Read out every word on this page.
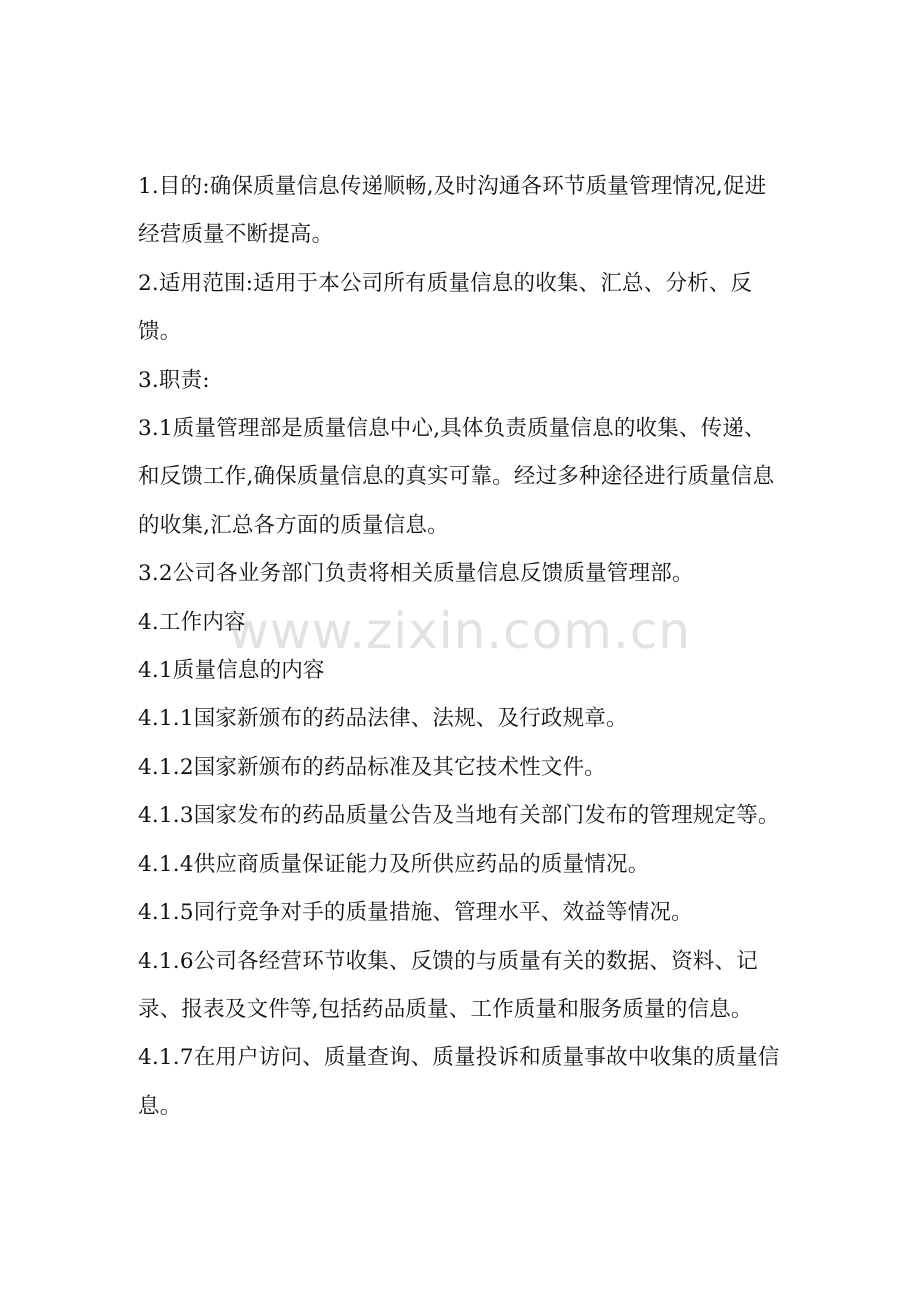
1.目的:确保质量信息传递顺畅,及时沟通各环节质量管理情况,促进经营质量不断提高。

2.适用范围:适用于本公司所有质量信息的收集、汇总、分析、反馈。

3.职责:

3.1质量管理部是质量信息中心,具体负责质量信息的收集、传递、和反馈工作,确保质量信息的真实可靠。经过多种途径进行质量信息的收集,汇总各方面的质量信息。

3.2公司各业务部门负责将相关质量信息反馈质量管理部。

4.工作内容

4.1质量信息的内容

4.1.1国家新颁布的药品法律、法规、及行政规章。

4.1.2国家新颁布的药品标准及其它技术性文件。

4.1.3国家发布的药品质量公告及当地有关部门发布的管理规定等。

4.1.4供应商质量保证能力及所供应药品的质量情况。

4.1.5同行竞争对手的质量措施、管理水平、效益等情况。

4.1.6公司各经营环节收集、反馈的与质量有关的数据、资料、记录、报表及文件等,包括药品质量、工作质量和服务质量的信息。

4.1.7在用户访问、质量查询、质量投诉和质量事故中收集的质量信息。

www.zixin.com.cn
